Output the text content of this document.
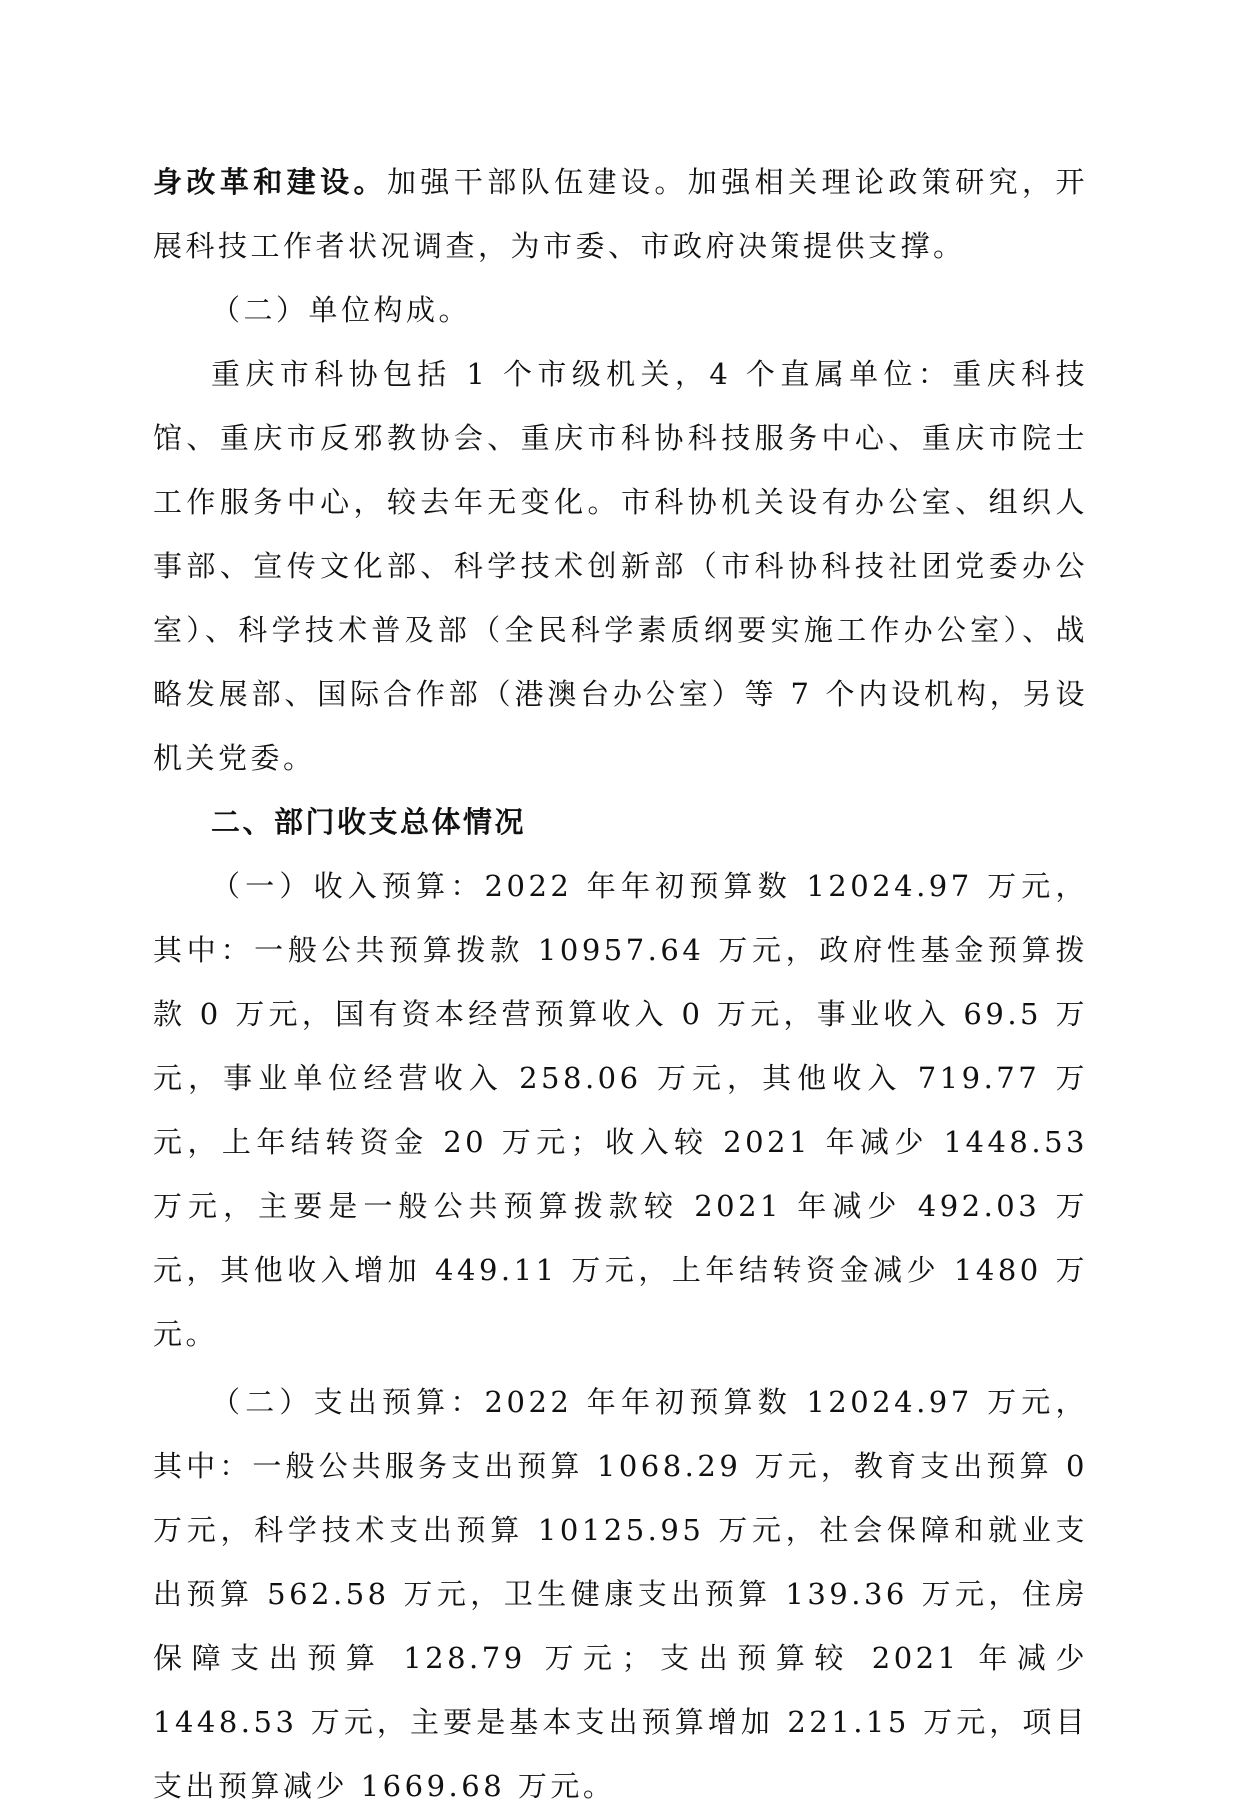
身改革和建设。加强干部队伍建设。加强相关理论政策研究，开展科技工作者状况调查，为市委、市政府决策提供支撑。

（二）单位构成。

重庆市科协包括 1 个市级机关，4 个直属单位：重庆科技馆、重庆市反邪教协会、重庆市科协科技服务中心、重庆市院士工作服务中心，较去年无变化。市科协机关设有办公室、组织人事部、宣传文化部、科学技术创新部（市科协科技社团党委办公室）、科学技术普及部（全民科学素质纲要实施工作办公室）、战略发展部、国际合作部（港澳台办公室）等 7 个内设机构，另设机关党委。

二、部门收支总体情况

（一）收入预算：2022 年年初预算数 12024.97 万元，其中：一般公共预算拨款 10957.64 万元，政府性基金预算拨款 0 万元，国有资本经营预算收入 0 万元，事业收入 69.5 万元，事业单位经营收入 258.06 万元，其他收入 719.77 万元，上年结转资金 20 万元；收入较 2021 年减少 1448.53 万元，主要是一般公共预算拨款较 2021 年减少 492.03 万元，其他收入增加 449.11 万元，上年结转资金减少 1480 万元。

（二）支出预算：2022 年年初预算数 12024.97 万元，其中：一般公共服务支出预算 1068.29 万元，教育支出预算 0 万元，科学技术支出预算 10125.95 万元，社会保障和就业支出预算 562.58 万元，卫生健康支出预算 139.36 万元，住房保障支出预算 128.79 万元；支出预算较 2021 年减少 1448.53 万元，主要是基本支出预算增加 221.15 万元，项目支出预算减少 1669.68 万元。
